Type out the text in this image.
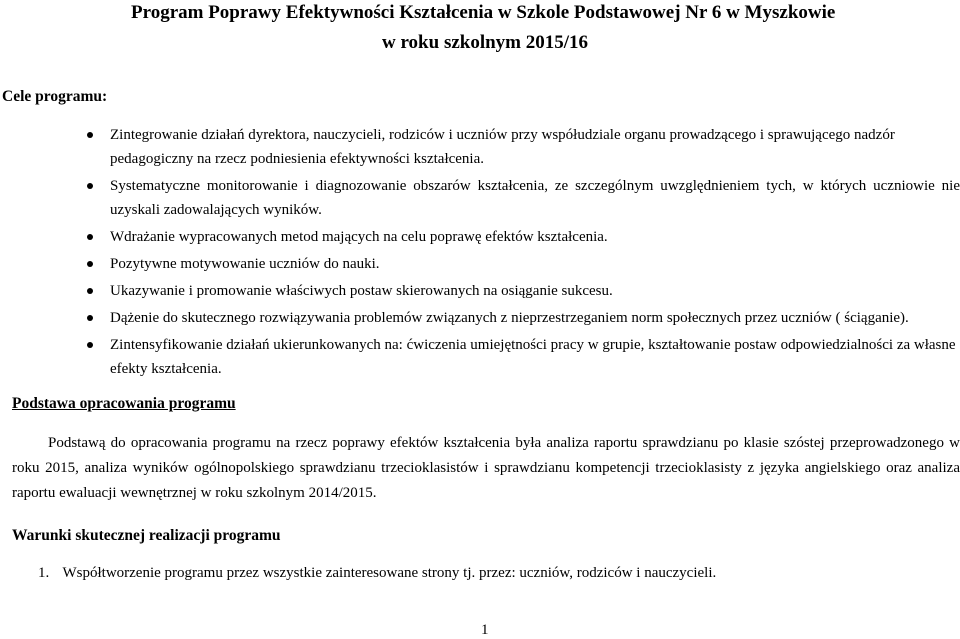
Program Poprawy Efektywności Kształcenia w Szkole Podstawowej Nr 6 w Myszkowie
w roku szkolnym 2015/16
Cele programu:
Zintegrowanie działań dyrektora, nauczycieli, rodziców i uczniów przy współudziale organu prowadzącego i sprawującego nadzór pedagogiczny na rzecz podniesienia efektywności kształcenia.
Systematyczne monitorowanie i diagnozowanie obszarów kształcenia, ze szczególnym uwzględnieniem tych, w których uczniowie nie uzyskali zadowalających wyników.
Wdrażanie wypracowanych metod mających na celu poprawę efektów kształcenia.
Pozytywne motywowanie uczniów do nauki.
Ukazywanie i promowanie właściwych postaw skierowanych na osiąganie sukcesu.
Dążenie do skutecznego rozwiązywania problemów związanych z nieprzestrzeganiem norm społecznych przez uczniów ( ściąganie).
Zintensyfikowanie działań ukierunkowanych na: ćwiczenia umiejętności pracy w grupie, kształtowanie postaw odpowiedzialności za własne efekty kształcenia.
Podstawa opracowania programu

Podstawą do opracowania programu na rzecz poprawy efektów kształcenia była analiza raportu sprawdzianu po klasie szóstej przeprowadzonego w roku 2015, analiza wyników ogólnopolskiego sprawdzianu trzecioklasistów i sprawdzianu kompetencji trzecioklasisty z języka angielskiego oraz analiza raportu ewaluacji wewnętrznej w roku szkolnym 2014/2015.

Warunki skutecznej realizacji programu
1. Współtworzenie programu przez wszystkie zainteresowane strony tj. przez: uczniów, rodziców i nauczycieli.
1
